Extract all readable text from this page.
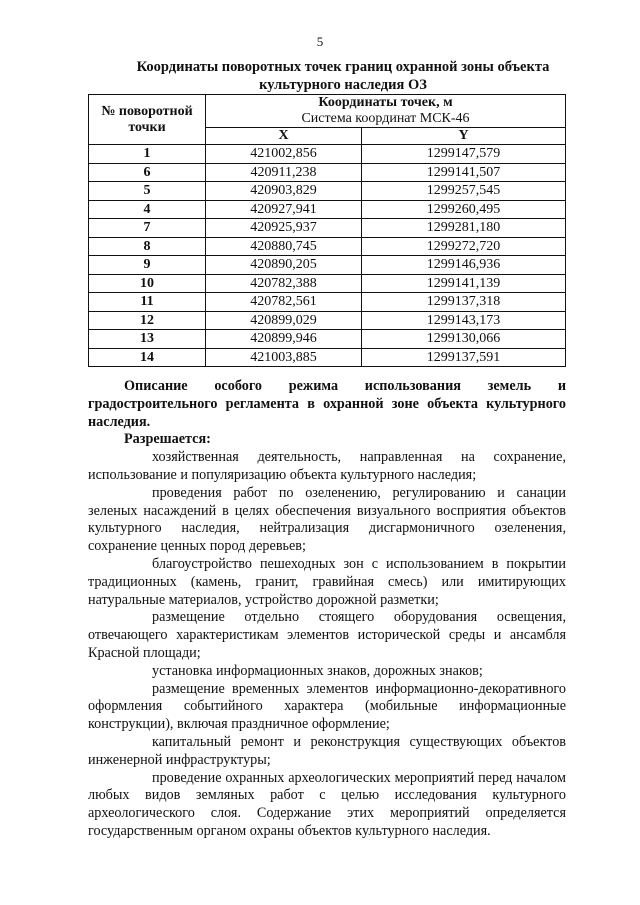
5
Координаты поворотных точек границ охранной зоны объекта культурного наследия ОЗ
№ поворотной точки	Координаты точек, м
Система координат МСК-46	

	X	Y
1	421002,856	1299147,579
6	420911,238	1299141,507
5	420903,829	1299257,545
4	420927,941	1299260,495
7	420925,937	1299281,180
8	420880,745	1299272,720
9	420890,205	1299146,936
10	420782,388	1299141,139
11	420782,561	1299137,318
12	420899,029	1299143,173
13	420899,946	1299130,066
14	421003,885	1299137,591

Описание особого режима использования земель и градостроительного регламента в охранной зоне объекта культурного наследия.

Разрешается:

хозяйственная деятельность, направленная на сохранение, использование и популяризацию объекта культурного наследия;

проведения работ по озеленению, регулированию и санации зеленых насаждений в целях обеспечения визуального восприятия объектов культурного наследия, нейтрализация дисгармоничного озеленения, сохранение ценных пород деревьев;

благоустройство пешеходных зон с использованием в покрытии традиционных (камень, гранит, гравийная смесь) или имитирующих натуральные материалов, устройство дорожной разметки;

размещение отдельно стоящего оборудования освещения, отвечающего характеристикам элементов исторической среды и ансамбля Красной площади;

установка информационных знаков, дорожных знаков;

размещение временных элементов информационно-декоративного оформления событийного характера (мобильные информационные конструкции), включая праздничное оформление;

капитальный ремонт и реконструкция существующих объектов инженерной инфраструктуры;

проведение охранных археологических мероприятий перед началом любых видов земляных работ с целью исследования культурного археологического слоя. Содержание этих мероприятий определяется государственным органом охраны объектов культурного наследия.
